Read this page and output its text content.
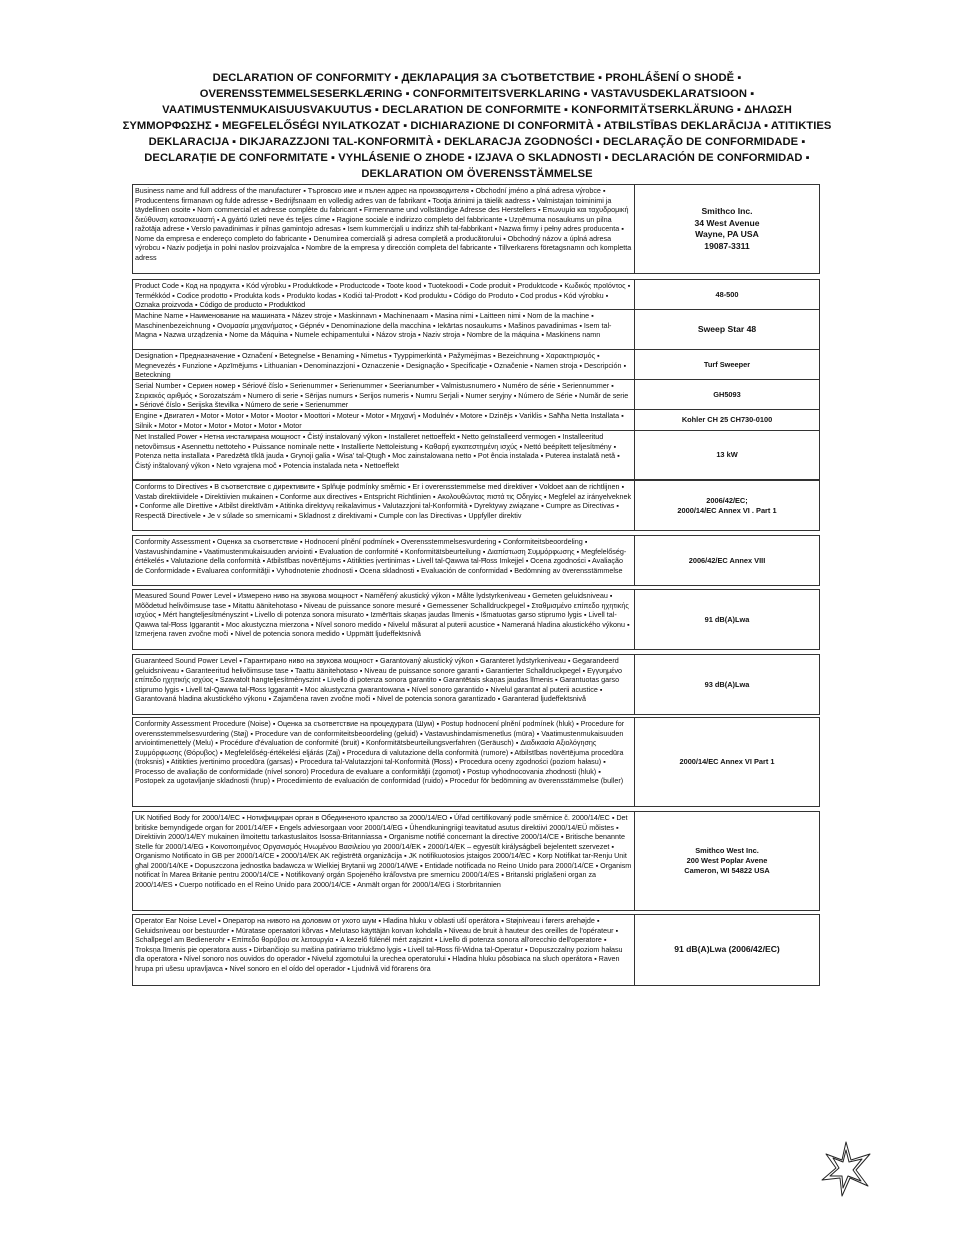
DECLARATION OF CONFORMITY ▪ ДЕКЛАРАЦИЯ ЗА СЪОТВЕТСТВИЕ ▪ PROHLÁŠENÍ O SHODĚ ▪ OVERENSSTEMMELSESERKLÆRING ▪ CONFORMITEITSVERKLARING ▪ VASTAVUSDEKLARATSIOON ▪ VAATIMUSTENMUKAISUUSVAKUUTUS ▪ DECLARATION DE CONFORMITE ▪ KONFORMITÄTSERKLÄRUNG ▪ ΔΗΛΩΣΗ ΣΥΜΜΟΡΦΩΣΗΣ ▪ MEGFELELŐSÉGI NYILATKOZAT ▪ DICHIARAZIONE DI CONFORMITÀ ▪ ATBILSTĪBAS DEKLARĀCIJA ▪ ATITIKTIES DEKLARACIJA ▪ DIKJARAZZJONI TAL-KONFORMITÀ ▪ DEKLARACJA ZGODNOŚCI ▪ DECLARAÇÃO DE CONFORMIDADE ▪ DECLARAȚIE DE CONFORMITATE ▪ VYHLÁSENIE O ZHODE ▪ IZJAVA O SKLADNOSTI ▪ DECLARACIÓN DE CONFORMIDAD ▪ DEKLARATION OM ÖVERENSSTÄMMELSE
Business name and full address of the manufacturer ▪ Търговско име и пълен адрес на производителя ▪ Obchodní jméno a plná adresa výrobce ▪ Producentens firmanavn og fulde adresse ▪ Bedrijfsnaam en volledig adres van de fabrikant ▪ Tootja ärinimi ja täielik aadress ▪ Valmistajan toiminimi ja täydellinen osoite ▪ Nom commercial et adresse complète du fabricant ▪ Firmenname und vollständige Adresse des Herstellers ▪ Επωνυμία και ταχυδρομική διεύθυνση κατασκευαστή ▪ A gyártó üzleti neve és teljes címe ▪ Ragione sociale e indirizzo completo del fabbricante ▪ Uzņēmuma nosaukums un pilna ražotāja adrese ▪ Verslo pavadinimas ir pilnas gamintojo adresas ▪ Isem kummerċjali u indirizz sħiħ tal-fabbrikant ▪ Nazwa firmy i pełny adres producenta ▪ Nome da empresa e endereço completo do fabricante ▪ Denumirea comercială şi adresa completă a producătorului ▪ Obchodný názov a úplná adresa výrobcu ▪ Naziv podjetja in polni naslov proizvajalca ▪ Nombre de la empresa y dirección completa del fabricante ▪ Tillverkarens företagsnamn och kompletta adress
Smithco Inc.
34 West Avenue
Wayne, PA USA
19087-3311
Product Code ▪ Код на продукта ▪ Kód výrobku ▪ Produktkode ▪ Productcode ▪ Toote kood ▪ Tuotekoodi ▪ Code produit ▪ Produktcode ▪ Κωδικός προϊόντος ▪ Termékkód ▪ Codice prodotto ▪ Produkta kods ▪ Produkto kodas ▪ Kodiċi tal-Prodott ▪ Kod produktu ▪ Código do Produto ▪ Cod produs ▪ Kód výrobku ▪ Oznaka proizvoda ▪ Código de producto ▪ Produktkod
48-500
Machine Name ▪ Наименование на машината ▪ Název stroje ▪ Maskinnavn ▪ Machinenaam ▪ Masina nimi ▪ Laitteen nimi ▪ Nom de la machine ▪ Maschinenbezeichnung ▪ Ονομασία μηχανήματος ▪ Gépnév ▪ Denominazione della macchina ▪ Iekārtas nosaukums ▪ Mašinos pavadinimas ▪ Isem tal-Magna ▪ Nazwa urządzenia ▪ Nome da Máquina ▪ Numele echipamentului ▪ Názov stroja ▪ Naziv stroja ▪ Nombre de la máquina ▪ Maskinens namn
Sweep Star 48
Designation ▪ Предназначение ▪ Označení ▪ Betegnelse ▪ Benaming ▪ Nimetus ▪ Tyyppimerkintä ▪ Pažymėjimas ▪ Bezeichnung ▪ Χαρακτηρισμός ▪ Megnevezés ▪ Funzione ▪ Apzīmējums ▪ Lithuanian ▪ Denominazzjoni ▪ Oznaczenie ▪ Designação ▪ Specificaţie ▪ Označenie ▪ Namen stroja ▪ Descripción ▪ Beteckning
Turf Sweeper
Serial Number ▪ Сериен номер ▪ Sériové číslo ▪ Serienummer ▪ Serienummer ▪ Seerianumber ▪ Valmistusnumero ▪ Numéro de série ▪ Seriennummer ▪ Σειριακός αριθμός ▪ Sorozatszám ▪ Numero di serie ▪ Sērijas numurs ▪ Serijos numeris ▪ Numru Serjali ▪ Numer seryjny ▪ Número de Série ▪ Număr de serie ▪ Sériové číslo ▪ Serijska številka ▪ Número de serie ▪ Serienummer
GH5093
Engine ▪ Двигател ▪ Motor ▪ Motor ▪ Motor ▪ Mootor ▪ Moottori ▪ Moteur ▪ Motor ▪ Μηχανή ▪ Modulnév ▪ Motore ▪ Dzinējs ▪ Variklis ▪ Saħħa Netta Installata ▪ Silnik ▪ Motor ▪ Motor ▪ Motor ▪ Motor ▪ Motor ▪ Motor
Kohler CH 25 CH730-0100
Net Installed Power ▪ Нетна инсталирана мощност ▪ Čistý instalovaný výkon ▪ Installeret nettoeffekt ▪ Netto geïnstalleerd vermogen ▪ Installeeritud netovõimsus ▪ Asennettu nettoteho ▪ Puissance nominale nette ▪ Installierte Nettoleistung ▪ Καθαρή εγκατεστημένη ισχύς ▪ Nettó beépített teljesítmény ▪ Potenza netta installata ▪ Paredzētā tīklā jauda ▪ Grynoji galia ▪ Wisa' tal-Qtugħ ▪ Moc zainstalowana netto ▪ Pot ência instalada ▪ Puterea instalată netă ▪ Čistý inštalovaný výkon ▪ Neto vgrajena moč ▪ Potencia instalada neta ▪ Nettoeffekt
13 kW
Conforms to Directives ▪ В съответствие с директивите ▪ Splňuje podmínky směrnic ▪ Er i overensstemmelse med direktiver ▪ Voldoet aan de richtlijnen ▪ Vastab direktiividele ▪ Direktiivien mukainen ▪ Conforme aux directives ▪ Entspricht Richtlinien ▪ Ακολουθώντας πιστά τις Οδηγίες ▪ Megfelel az irányelveknek ▪ Conforme alle Direttive ▪ Atbilst direktīvām ▪ Atitinka direktyvų reikalavimus ▪ Valutazzjoni tal-Konformità ▪ Dyrektywy związane ▪ Cumpre as Directivas ▪ Respectă Directivele ▪ Je v súlade so smernicami ▪ Skladnost z direktivami ▪ Cumple con las Directivas ▪ Uppfyller direktiv
2006/42/EC;
2000/14/EC Annex VI . Part 1
Conformity Assessment ▪ Оценка за съответствие ▪ Hodnocení plnění podmínek ▪ Overensstemmelsesvurdering ▪ Conformiteitsbeoordeling ▪ Vastavushindamine ▪ Vaatimustenmukaisuuden arviointi ▪ Evaluation de conformité ▪ Konformitätsbeurteilung ▪ Διαπίστωση Συμμόρφωσης ▪ Megfelelőség-értékelés ▪ Valutazione della conformità ▪ Atbilstības novērtējums ▪ Atitikties įvertinimas ▪ Livell tal-Qawwa tal-Ħoss Imkejjel ▪ Ocena zgodności ▪ Avaliação de Conformidade ▪ Evaluarea conformităţii ▪ Vyhodnotenie zhodnosti ▪ Ocena skladnosti ▪ Evaluación de conformidad ▪ Bedömning av överensstämmelse
2006/42/EC Annex VIII
Measured Sound Power Level ▪ Измерено ниво на звукова мощност ▪ Naměřený akustický výkon ▪ Målte lydstyrkeniveau ▪ Gemeten geluidsniveau ▪ Mõõdetud helivõimsuse tase ▪ Mitattu äänitehotaso ▪ Niveau de puissance sonore mesuré ▪ Gemessener Schalldruckpegel ▪ Σταθμισμένο επίπεδο ηχητικής ισχύος ▪ Mért hangteljesítményszint ▪ Livello di potenza sonora misurato ▪ Izmērītais skaņas jaudas līmenis ▪ Išmatuotas garso stiprumo lygis ▪ Livell tal-Qawwa tal-Ħoss Iggarantit ▪ Moc akustyczna mierzona ▪ Nível sonoro medido ▪ Nivelul măsurat al puterii acustice ▪ Nameraná hladina akustického výkonu ▪ Izmerjena raven zvočne moči ▪ Nivel de potencia sonora medido ▪ Uppmätt ljudeffektsnivå
91 dB(A)Lwa
Guaranteed Sound Power Level ▪ Гарантирано ниво на звукова мощност ▪ Garantovaný akustický výkon ▪ Garanteret lydstyrkeniveau ▪ Gegarandeerd geluidsniveau ▪ Garanteeritud helivõimsuse tase ▪ Taattu äänitehotaso ▪ Niveau de puissance sonore garanti ▪ Garantierter Schalldruckpegel ▪ Εγγυημένο επίπεδο ηχητικής ισχύος ▪ Szavatolt hangteljesítményszint ▪ Livello di potenza sonora garantito ▪ Garantētais skaņas jaudas līmenis ▪ Garantuotas garso stiprumo lygis ▪ Livell tal-Qawwa tal-Ħoss Iggarantit ▪ Moc akustyczna gwarantowana ▪ Nível sonoro garantido ▪ Nivelul garantat al puterii acustice ▪ Garantovaná hladina akustického výkonu ▪ Zajamčena raven zvočne moči ▪ Nivel de potencia sonora garantizado ▪ Garanterad ljudeffektsnivå
93 dB(A)Lwa
Conformity Assessment Procedure (Noise) ▪ Оценка за съответствие на процедурата (Шум) ▪ Postup hodnocení plnění podmínek (hluk) ▪ Procedure for overensstemmelsesvurdering (Støj) ▪ Procedure van de conformiteitsbeoordeling (geluid) ▪ Vastavushindamismenetlus (müra) ▪ Vaatimustenmukaisuuden arviointimenettely (Melu) ▪ Procédure d'évaluation de conformité (bruit) ▪ Konformitätsbeurteilungsverfahren (Geräusch) ▪ Διαδικασία Αξιολόγησης Συμμόρφωσης (Θόρυβος) ▪ Megfelelőség-értékelési eljárás (Zaj) ▪ Procedura di valutazione della conformità (rumore) ▪ Atbilstības novērtējuma procedūra (troksnis) ▪ Atitikties įvertinimo procedūra (garsas) ▪ Procedura tal-Valutazzjoni tal-Konformità (Ħoss) ▪ Procedura oceny zgodności (poziom hałasu) ▪ Processo de avaliação de conformidade (nível sonoro) Procedura de evaluare a conformităţii (zgomot) ▪ Postup vyhodnocovania zhodnosti (hluk) ▪ Postopek za ugotavljanje skladnosti (hrup) ▪ Procedimiento de evaluación de conformidad (ruido) ▪ Procedur för bedömning av överensstämmelse (buller)
2000/14/EC Annex VI Part 1
UK Notified Body for 2000/14/EC ▪ Нотифициран орган в Обединеното кралство за 2000/14/ЕО ▪ Úřad certifikovaný podle směrnice č. 2000/14/EC ▪ Det britiske bemyndigede organ for 2001/14/EF ▪ Engels adviesorgaan voor 2000/14/EG ▪ Ühendkuningriigi teavitatud asutus direktiivi 2000/14/EÜ mõistes ▪ Direktiivin 2000/14/EY mukainen ilmoitettu tarkastuslaitos Isossa-Britanniassa ▪ Organisme notifié concernant la directive 2000/14/CE ▪ Britische benannte Stelle für 2000/14/EG ▪ Κοινοποιημένος Οργανισμός Ηνωμένου Βασιλείου για 2000/14/EK ▪ 2000/14/EK – egyesült királyságbeli bejelentett szervezet ▪ Organismo Notificato in GB per 2000/14/CE ▪ 2000/14/EK AK reģistrētā organizācija ▪ JK notifikuotosios įstaigos 2000/14/EC ▪ Korp Notifikat tar-Renju Unit għal 2000/14/KE ▪ Dopuszczona jednostka badawcza w Wielkiej Brytanii wg 2000/14/WE ▪ Entidade notificada no Reino Unido para 2000/14/CE ▪ Organism notificat în Marea Britanie pentru 2000/14/CE ▪ Notifikovaný orgán Spojeného kráľovstva pre smernicu 2000/14/ES ▪ Britanski priglašeni organ za 2000/14/ES ▪ Cuerpo notificado en el Reino Unido para 2000/14/CE ▪ Anmält organ för 2000/14/EG i Storbritannien
Smithco West Inc.
200 West Poplar Avene
Cameron, WI 54822 USA
Operator Ear Noise Level ▪ Оператор на нивото на доловим от ухото шум ▪ Hladina hluku v oblasti uší operátora ▪ Støjniveau i førers ørehøjde ▪ Geluidsniveau oor bestuurder ▪ Müratase operaatori kõrvas ▪ Melutaso käyttäjän korvan kohdalla ▪ Niveau de bruit à hauteur des oreilles de l'opérateur ▪ Schallpegel am Bedienerohr ▪ Επίπεδο θορύβου σε λειτουργία ▪ A kezelő fülénél mért zajszint ▪ Livello di potenza sonora all'orecchio dell'operatore ▪ Troksņa līmenis pie operatora auss ▪ Dirbančiojo su mašina patiriamo triukšmo lygis ▪ Livell tal-Ħoss fil-Widna tal-Operatur ▪ Dopuszczalny poziom hałasu dla operatora ▪ Nível sonoro nos ouvidos do operador ▪ Nivelul zgomotului la urechea operatorului ▪ Hladina hluku pôsobiaca na sluch operátora ▪ Raven hrupa pri ušesu upravljavca ▪ Nivel sonoro en el oído del operador ▪ Ljudnivå vid förarens öra
91 dB(A)Lwa (2006/42/EC)
